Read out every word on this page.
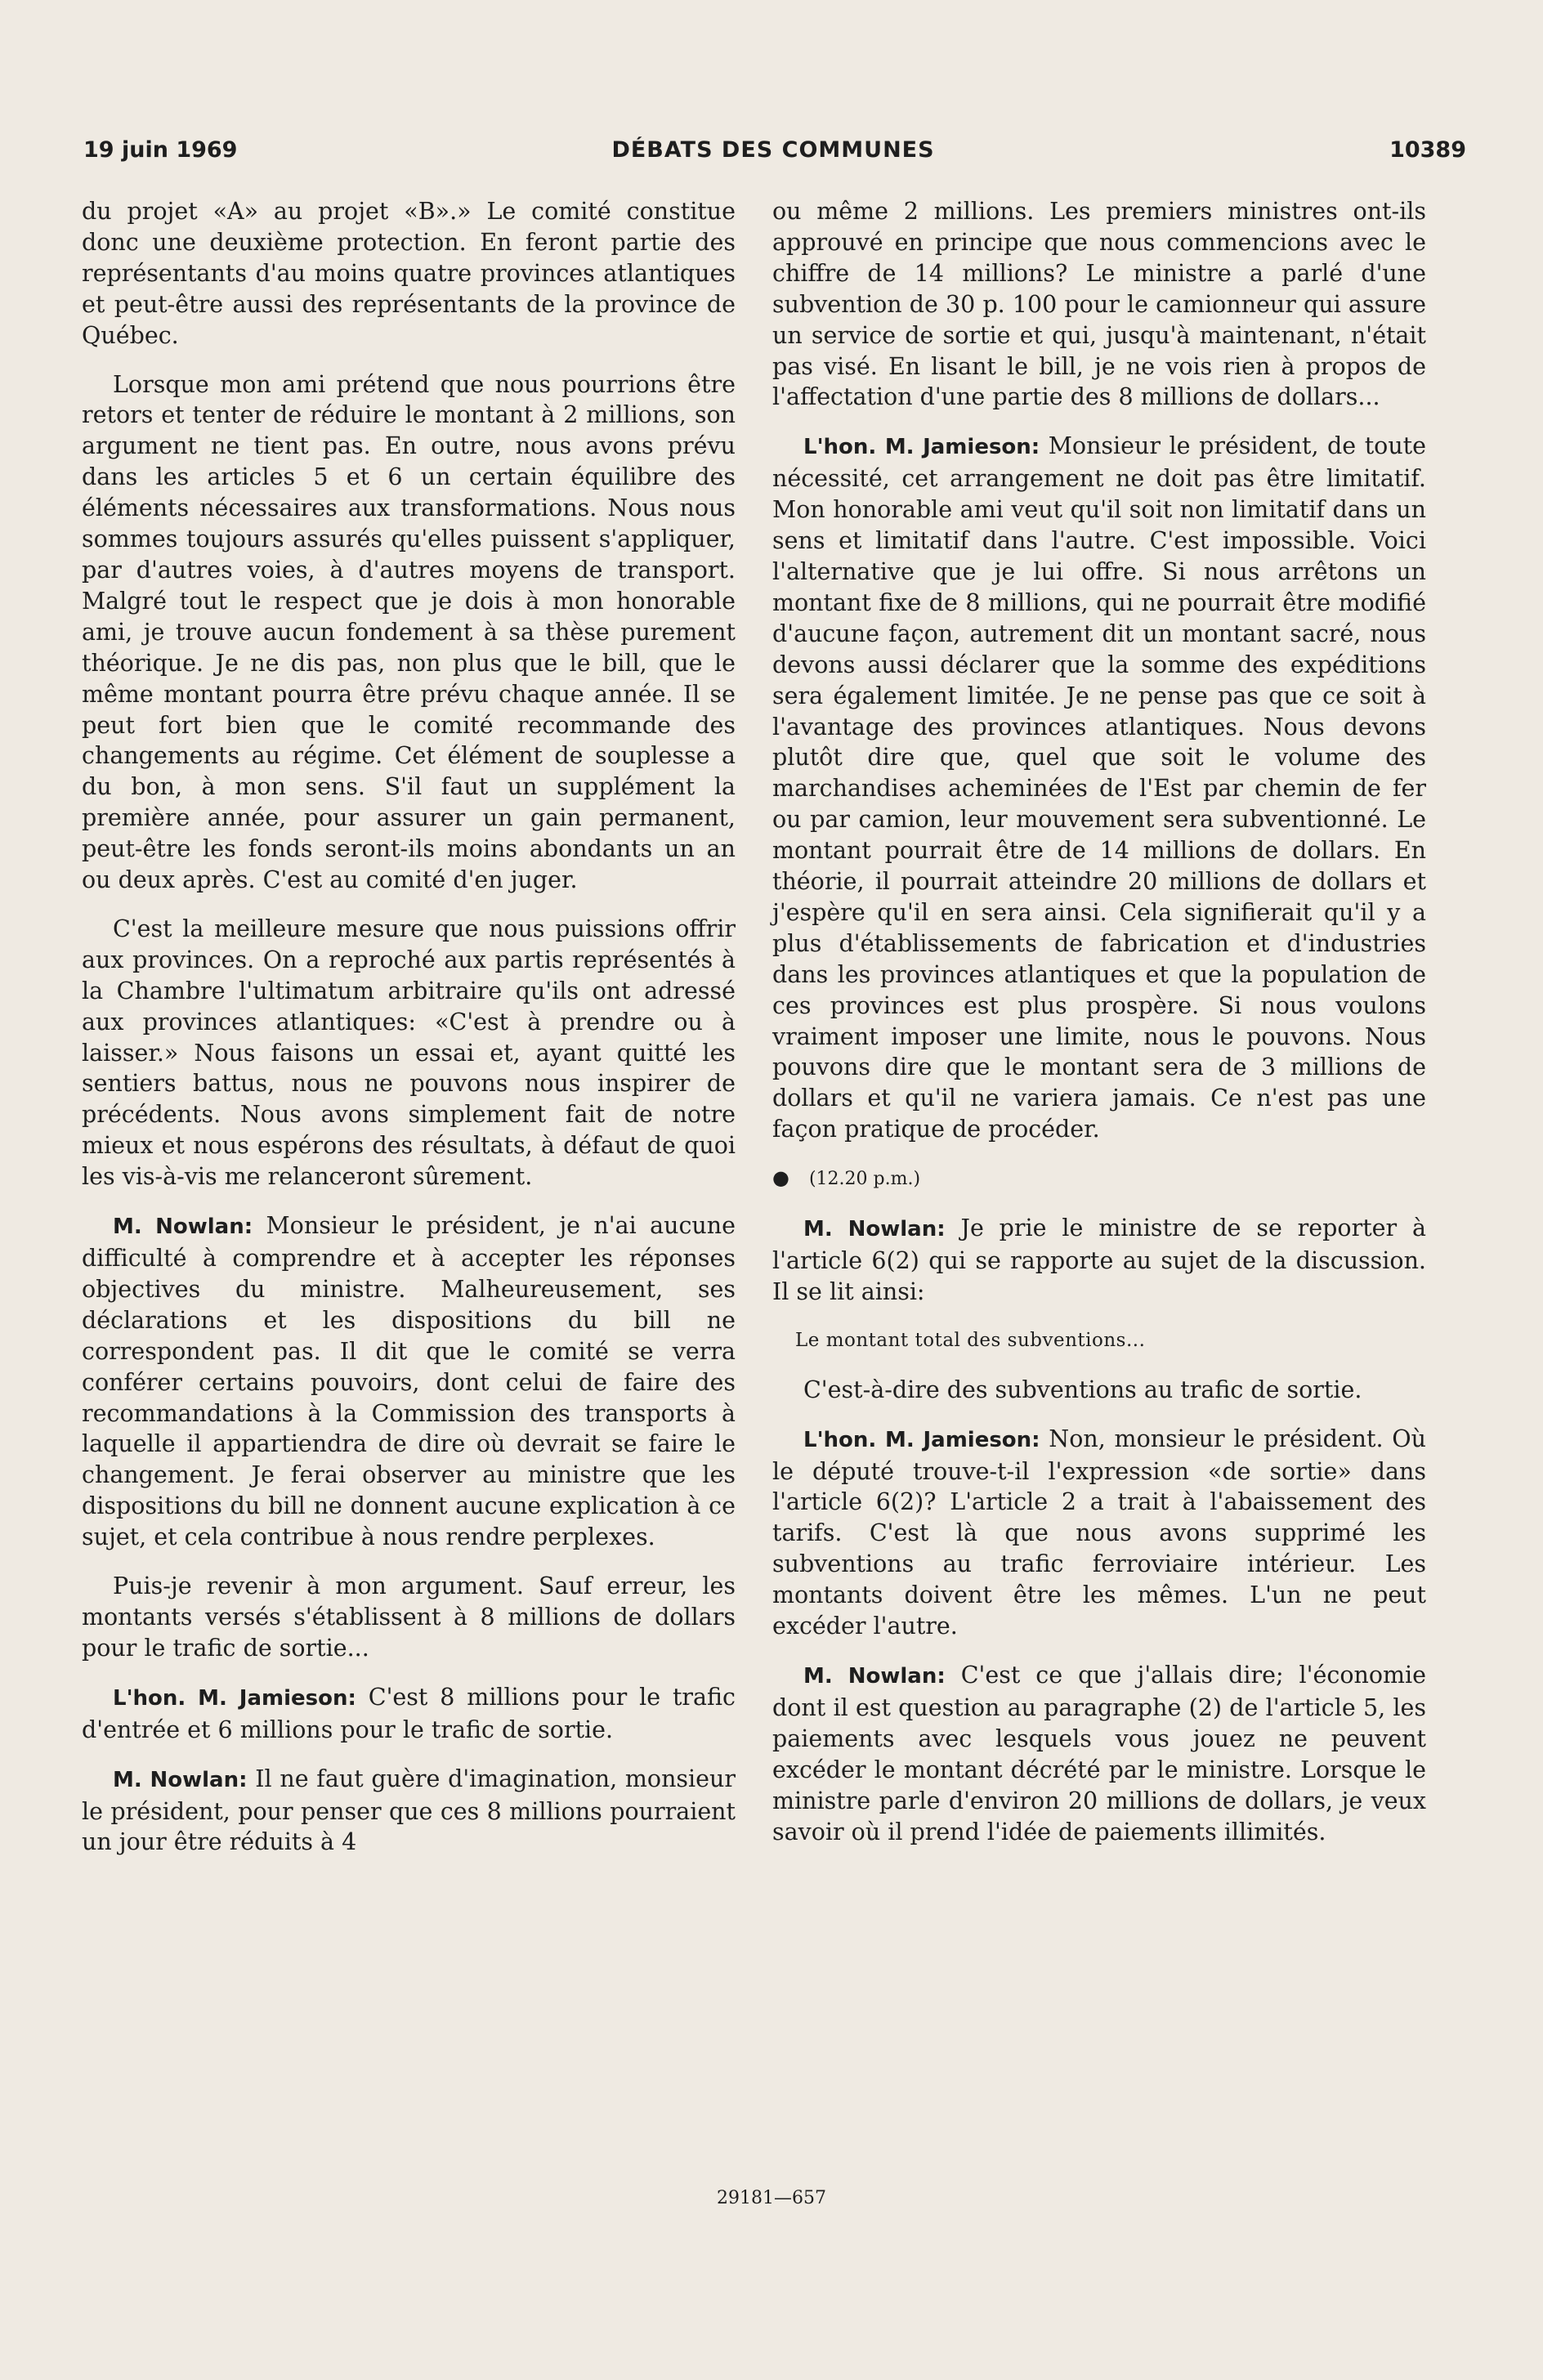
19 juin 1969	DÉBATS DES COMMUNES	10389

du projet «A» au projet «B».» Le comité constitue donc une deuxième protection. En feront partie des représentants d'au moins quatre provinces atlantiques et peut-être aussi des représentants de la province de Québec.

Lorsque mon ami prétend que nous pourrions être retors et tenter de réduire le montant à 2 millions, son argument ne tient pas. En outre, nous avons prévu dans les articles 5 et 6 un certain équilibre des éléments nécessaires aux transformations. Nous nous sommes toujours assurés qu'elles puissent s'appliquer, par d'autres voies, à d'autres moyens de transport. Malgré tout le respect que je dois à mon honorable ami, je trouve aucun fondement à sa thèse purement théorique. Je ne dis pas, non plus que le bill, que le même montant pourra être prévu chaque année. Il se peut fort bien que le comité recommande des changements au régime. Cet élément de souplesse a du bon, à mon sens. S'il faut un supplément la première année, pour assurer un gain permanent, peut-être les fonds seront-ils moins abondants un an ou deux après. C'est au comité d'en juger.

C'est la meilleure mesure que nous puissions offrir aux provinces. On a reproché aux partis représentés à la Chambre l'ultimatum arbitraire qu'ils ont adressé aux provinces atlantiques: «C'est à prendre ou à laisser.» Nous faisons un essai et, ayant quitté les sentiers battus, nous ne pouvons nous inspirer de précédents. Nous avons simplement fait de notre mieux et nous espérons des résultats, à défaut de quoi les vis-à-vis me relanceront sûrement.

M. Nowlan: Monsieur le président, je n'ai aucune difficulté à comprendre et à accepter les réponses objectives du ministre. Malheureusement, ses déclarations et les dispositions du bill ne correspondent pas. Il dit que le comité se verra conférer certains pouvoirs, dont celui de faire des recommandations à la Commission des transports à laquelle il appartiendra de dire où devrait se faire le changement. Je ferai observer au ministre que les dispositions du bill ne donnent aucune explication à ce sujet, et cela contribue à nous rendre perplexes.

Puis-je revenir à mon argument. Sauf erreur, les montants versés s'établissent à 8 millions de dollars pour le trafic de sortie...

L'hon. M. Jamieson: C'est 8 millions pour le trafic d'entrée et 6 millions pour le trafic de sortie.

M. Nowlan: Il ne faut guère d'imagination, monsieur le président, pour penser que ces 8 millions pourraient un jour être réduits à 4

ou même 2 millions. Les premiers ministres ont-ils approuvé en principe que nous commencions avec le chiffre de 14 millions? Le ministre a parlé d'une subvention de 30 p. 100 pour le camionneur qui assure un service de sortie et qui, jusqu'à maintenant, n'était pas visé. En lisant le bill, je ne vois rien à propos de l'affectation d'une partie des 8 millions de dollars...

L'hon. M. Jamieson: Monsieur le président, de toute nécessité, cet arrangement ne doit pas être limitatif. Mon honorable ami veut qu'il soit non limitatif dans un sens et limitatif dans l'autre. C'est impossible. Voici l'alternative que je lui offre. Si nous arrêtons un montant fixe de 8 millions, qui ne pourrait être modifié d'aucune façon, autrement dit un montant sacré, nous devons aussi déclarer que la somme des expéditions sera également limitée. Je ne pense pas que ce soit à l'avantage des provinces atlantiques. Nous devons plutôt dire que, quel que soit le volume des marchandises acheminées de l'Est par chemin de fer ou par camion, leur mouvement sera subventionné. Le montant pourrait être de 14 millions de dollars. En théorie, il pourrait atteindre 20 millions de dollars et j'espère qu'il en sera ainsi. Cela signifierait qu'il y a plus d'établissements de fabrication et d'industries dans les provinces atlantiques et que la population de ces provinces est plus prospère. Si nous voulons vraiment imposer une limite, nous le pouvons. Nous pouvons dire que le montant sera de 3 millions de dollars et qu'il ne variera jamais. Ce n'est pas une façon pratique de procéder.

● (12.20 p.m.)

M. Nowlan: Je prie le ministre de se reporter à l'article 6(2) qui se rapporte au sujet de la discussion. Il se lit ainsi:

Le montant total des subventions...

C'est-à-dire des subventions au trafic de sortie.

L'hon. M. Jamieson: Non, monsieur le président. Où le député trouve-t-il l'expression «de sortie» dans l'article 6(2)? L'article 2 a trait à l'abaissement des tarifs. C'est là que nous avons supprimé les subventions au trafic ferroviaire intérieur. Les montants doivent être les mêmes. L'un ne peut excéder l'autre.

M. Nowlan: C'est ce que j'allais dire; l'économie dont il est question au paragraphe (2) de l'article 5, les paiements avec lesquels vous jouez ne peuvent excéder le montant décrété par le ministre. Lorsque le ministre parle d'environ 20 millions de dollars, je veux savoir où il prend l'idée de paiements illimités.

29181—657
